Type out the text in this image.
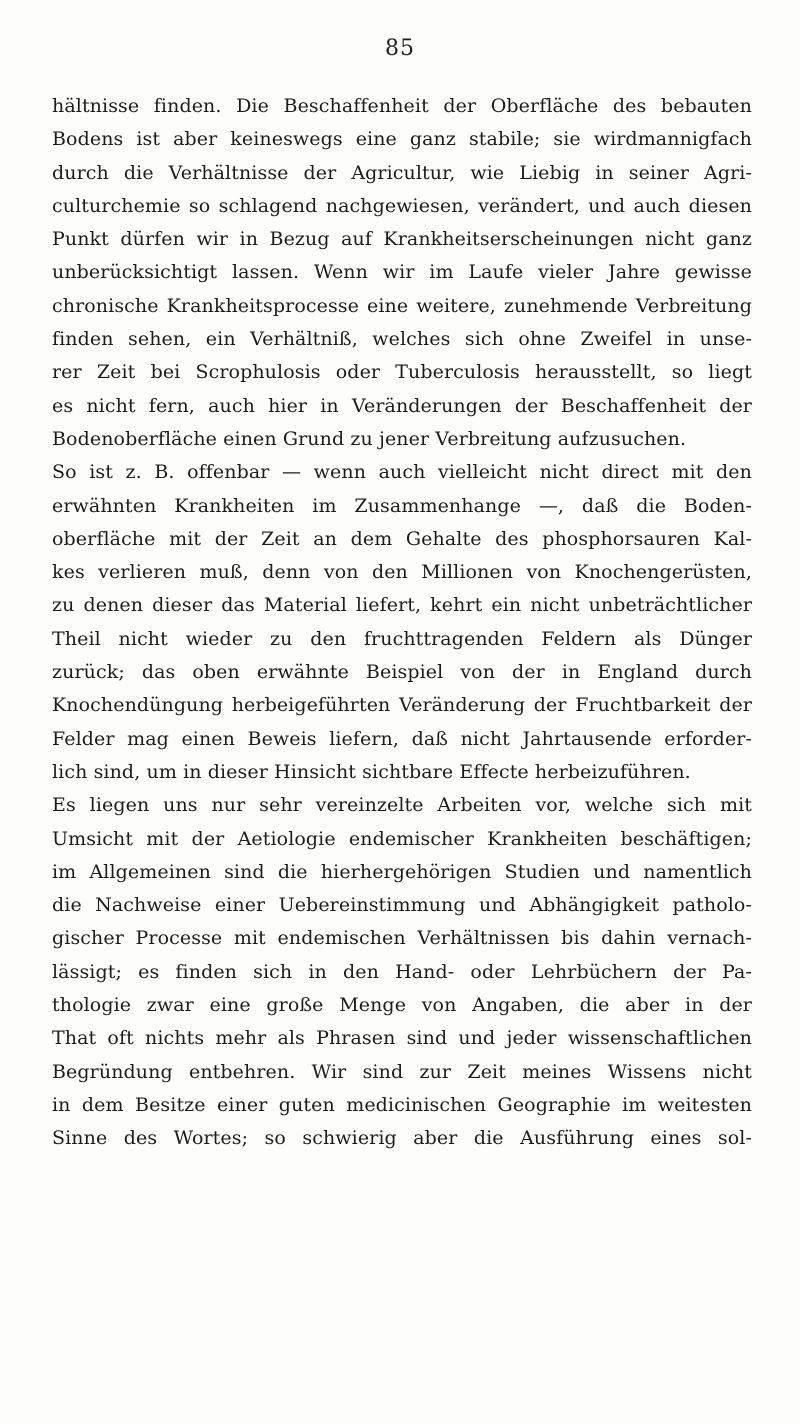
85
hältnisse finden. Die Beschaffenheit der Oberfläche des bebauten
Bodens ist aber keineswegs eine ganz stabile; sie wirdmannigfach
durch die Verhältnisse der Agricultur, wie Liebig in seiner Agri-
culturchemie so schlagend nachgewiesen, verändert, und auch diesen
Punkt dürfen wir in Bezug auf Krankheitserscheinungen nicht ganz
unberücksichtigt lassen. Wenn wir im Laufe vieler Jahre gewisse
chronische Krankheitsprocesse eine weitere, zunehmende Verbreitung
finden sehen, ein Verhältniß, welches sich ohne Zweifel in unse-
rer Zeit bei Scrophulosis oder Tuberculosis herausstellt, so liegt
es nicht fern, auch hier in Veränderungen der Beschaffenheit der
Bodenoberfläche einen Grund zu jener Verbreitung aufzusuchen.
So ist z. B. offenbar — wenn auch vielleicht nicht direct mit den
erwähnten Krankheiten im Zusammenhange —, daß die Boden-
oberfläche mit der Zeit an dem Gehalte des phosphorsauren Kal-
kes verlieren muß, denn von den Millionen von Knochengerüsten,
zu denen dieser das Material liefert, kehrt ein nicht unbeträchtlicher
Theil nicht wieder zu den fruchttragenden Feldern als Dünger
zurück; das oben erwähnte Beispiel von der in England durch
Knochendüngung herbeigeführten Veränderung der Fruchtbarkeit der
Felder mag einen Beweis liefern, daß nicht Jahrtausende erforder-
lich sind, um in dieser Hinsicht sichtbare Effecte herbeizuführen.
Es liegen uns nur sehr vereinzelte Arbeiten vor, welche sich mit
Umsicht mit der Aetiologie endemischer Krankheiten beschäftigen;
im Allgemeinen sind die hierhergehörigen Studien und namentlich
die Nachweise einer Uebereinstimmung und Abhängigkeit patholo-
gischer Processe mit endemischen Verhältnissen bis dahin vernach-
lässigt; es finden sich in den Hand- oder Lehrbüchern der Pa-
thologie zwar eine große Menge von Angaben, die aber in der
That oft nichts mehr als Phrasen sind und jeder wissenschaftlichen
Begründung entbehren. Wir sind zur Zeit meines Wissens nicht
in dem Besitze einer guten medicinischen Geographie im weitesten
Sinne des Wortes; so schwierig aber die Ausführung eines sol-
